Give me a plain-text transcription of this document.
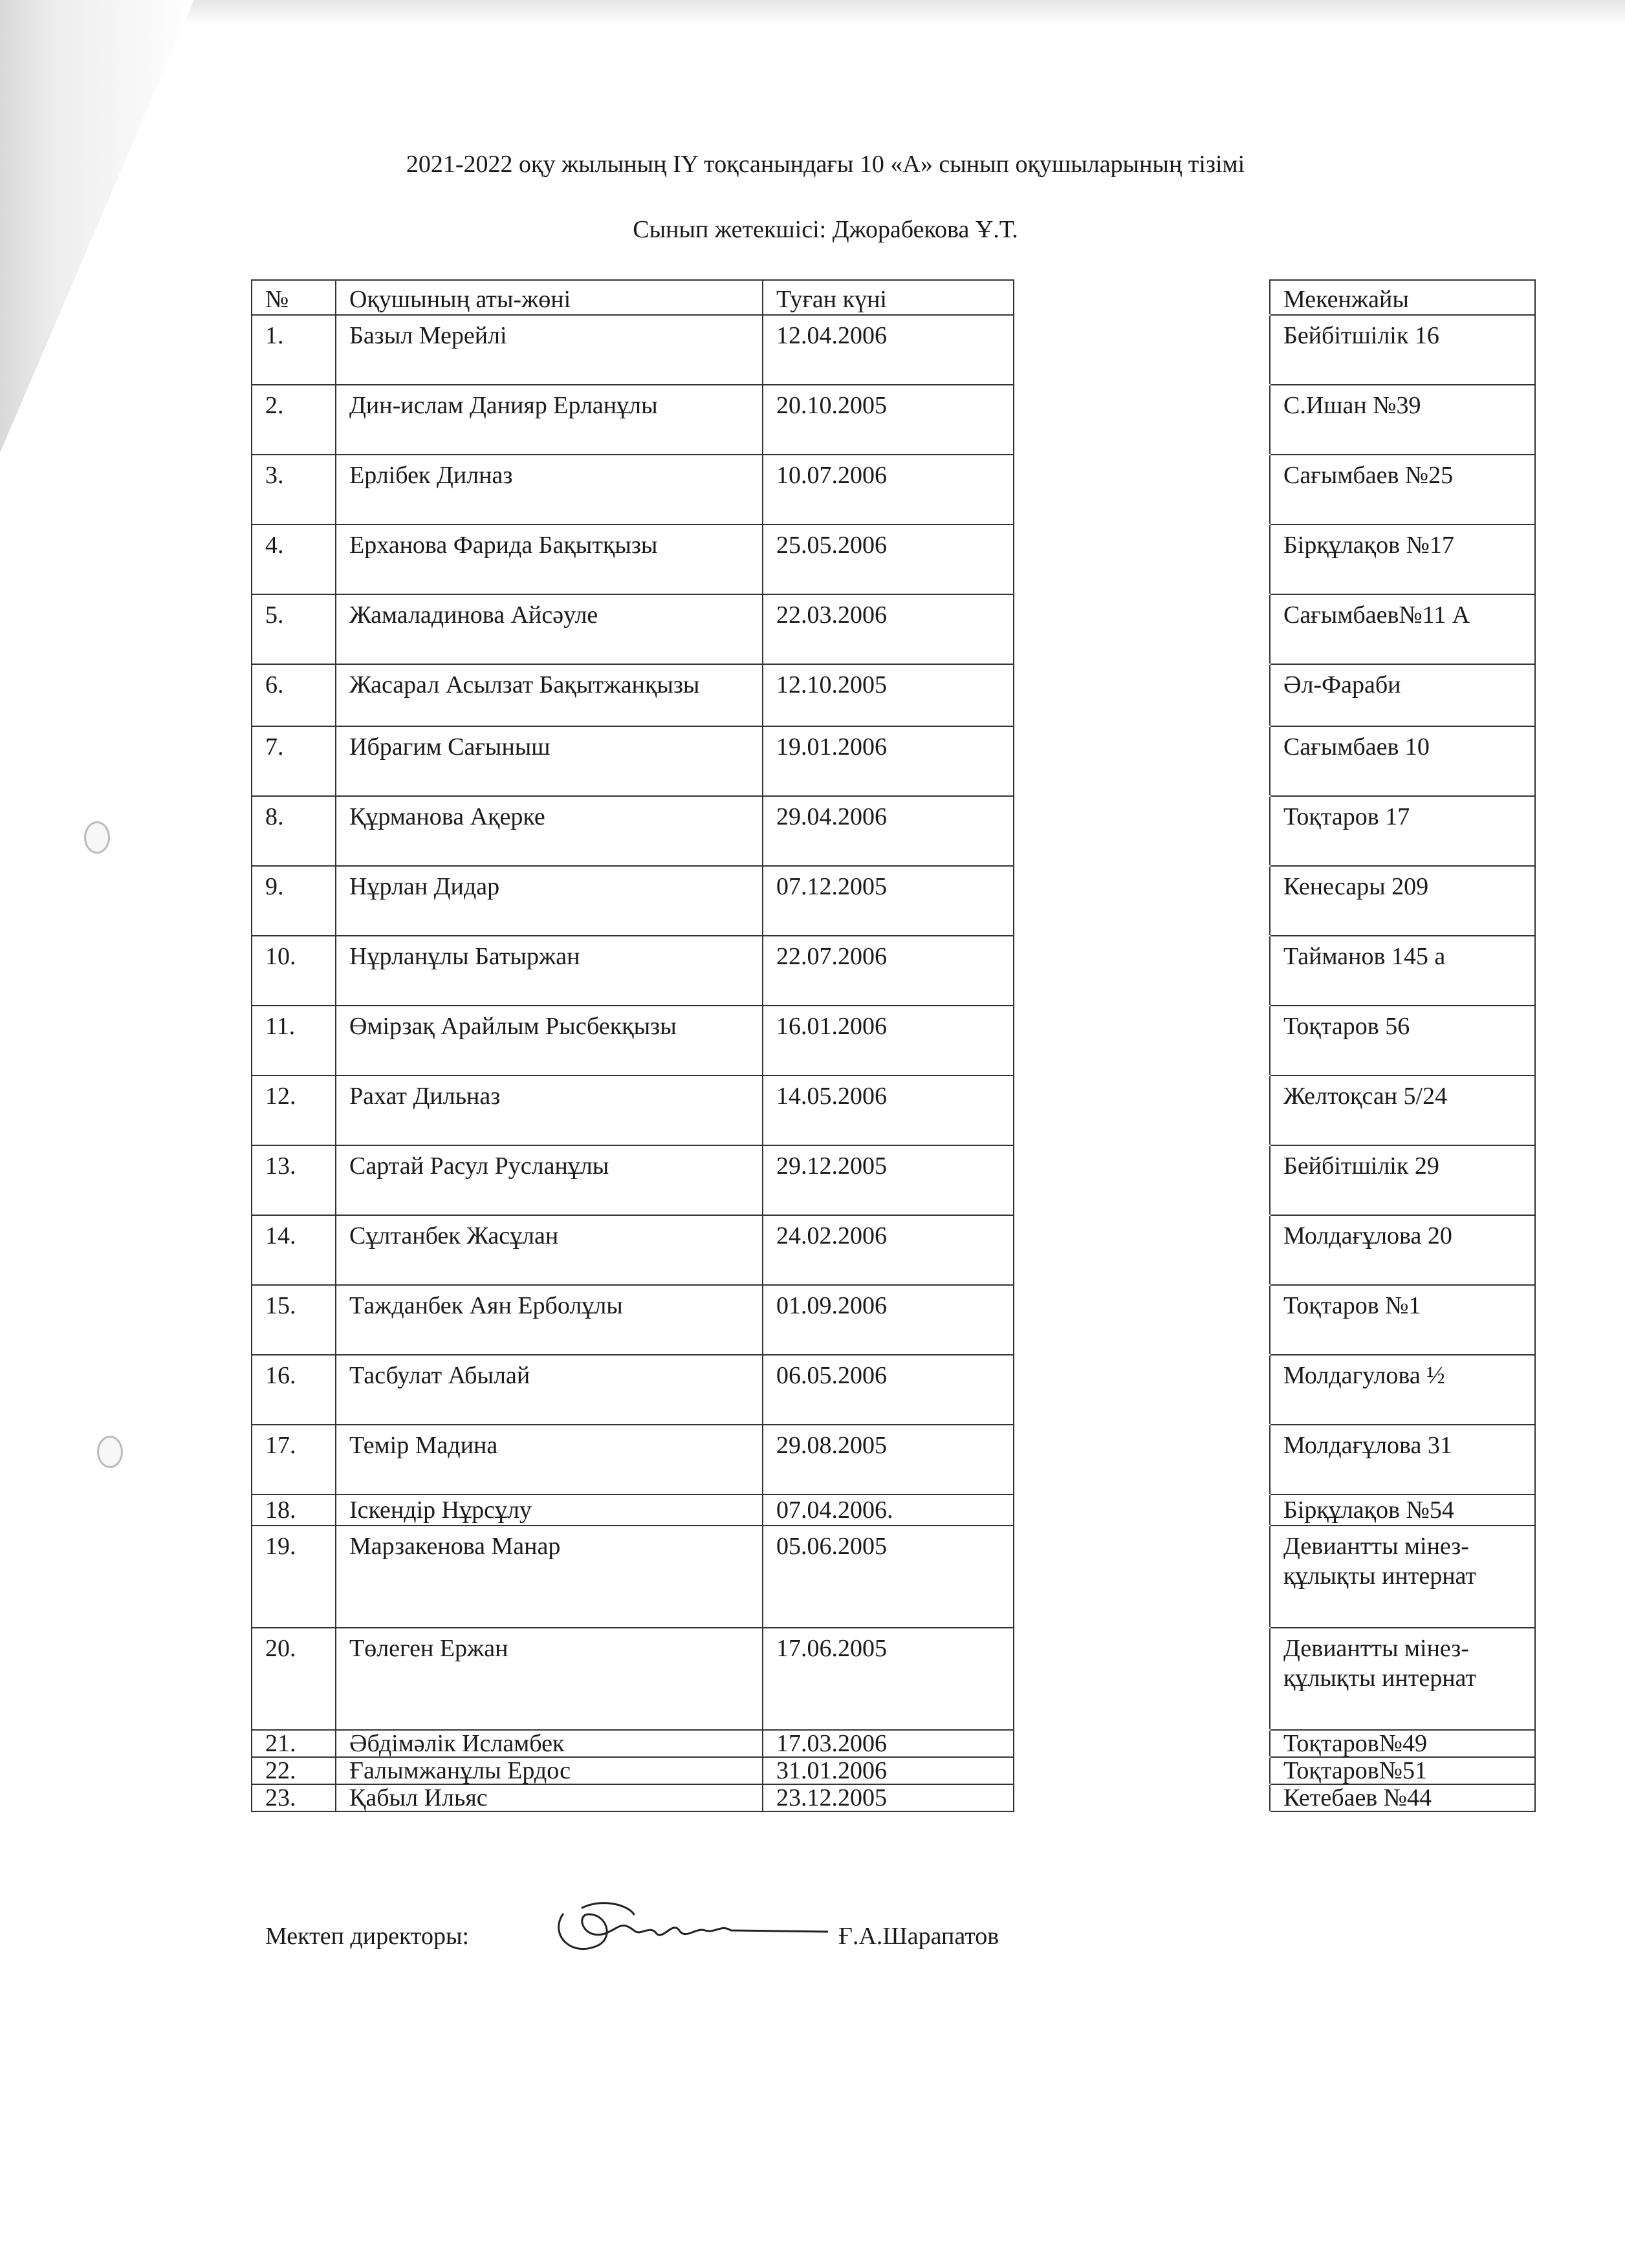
2021-2022 оқу жылының IY тоқсанындағы 10 «А» сынып оқушыларының тізімі
Сынып жетекшісі: Джорабекова Ұ.Т.
№	Оқушының аты-жөні	Туған күні		Мекенжайы
1.	Базыл Мерейлі	12.04.2006		Бейбітшілік 16
2.	Дин-ислам Данияр Ерланұлы	20.10.2005		С.Ишан №39
3.	Ерлібек Дилназ	10.07.2006		Сағымбаев №25
4.	Ерханова Фарида Бақытқызы	25.05.2006		Бірқұлақов №17
5.	Жамаладинова Айсәуле	22.03.2006		Сағымбаев№11 А
6.	Жасарал Асылзат Бақытжанқызы	12.10.2005		Әл-Фараби
7.	Ибрагим Сағыныш	19.01.2006		Сағымбаев 10
8.	Құрманова Ақерке	29.04.2006		Тоқтаров 17
9.	Нұрлан Дидар	07.12.2005		Кенесары 209
10.	Нұрланұлы Батыржан	22.07.2006		Тайманов 145 а
11.	Өмірзақ Арайлым Рысбекқызы	16.01.2006		Тоқтаров 56
12.	Рахат Дильназ	14.05.2006		Желтоқсан 5/24
13.	Сартай Расул Русланұлы	29.12.2005		Бейбітшілік 29
14.	Сұлтанбек Жасұлан	24.02.2006		Молдағұлова 20
15.	Тажданбек Аян Ерболұлы	01.09.2006		Тоқтаров №1
16.	Тасбулат Абылай	06.05.2006		Молдагулова ½
17.	Темір Мадина	29.08.2005		Молдағұлова 31
18.	Іскендір Нұрсұлу	07.04.2006.		Бірқұлақов №54
19.	Марзакенова Манар	05.06.2005		Девиантты мінез-құлықты интернат
20.	Төлеген Ержан	17.06.2005		Девиантты мінез-құлықты интернат
21.	Әбдімәлік Исламбек	17.03.2006		Тоқтаров№49
22.	Ғалымжанұлы Ердос	31.01.2006		Тоқтаров№51
23.	Қабыл Ильяс	23.12.2005		Кетебаев №44
Мектеп директоры:	Ғ.А.Шарапатов
